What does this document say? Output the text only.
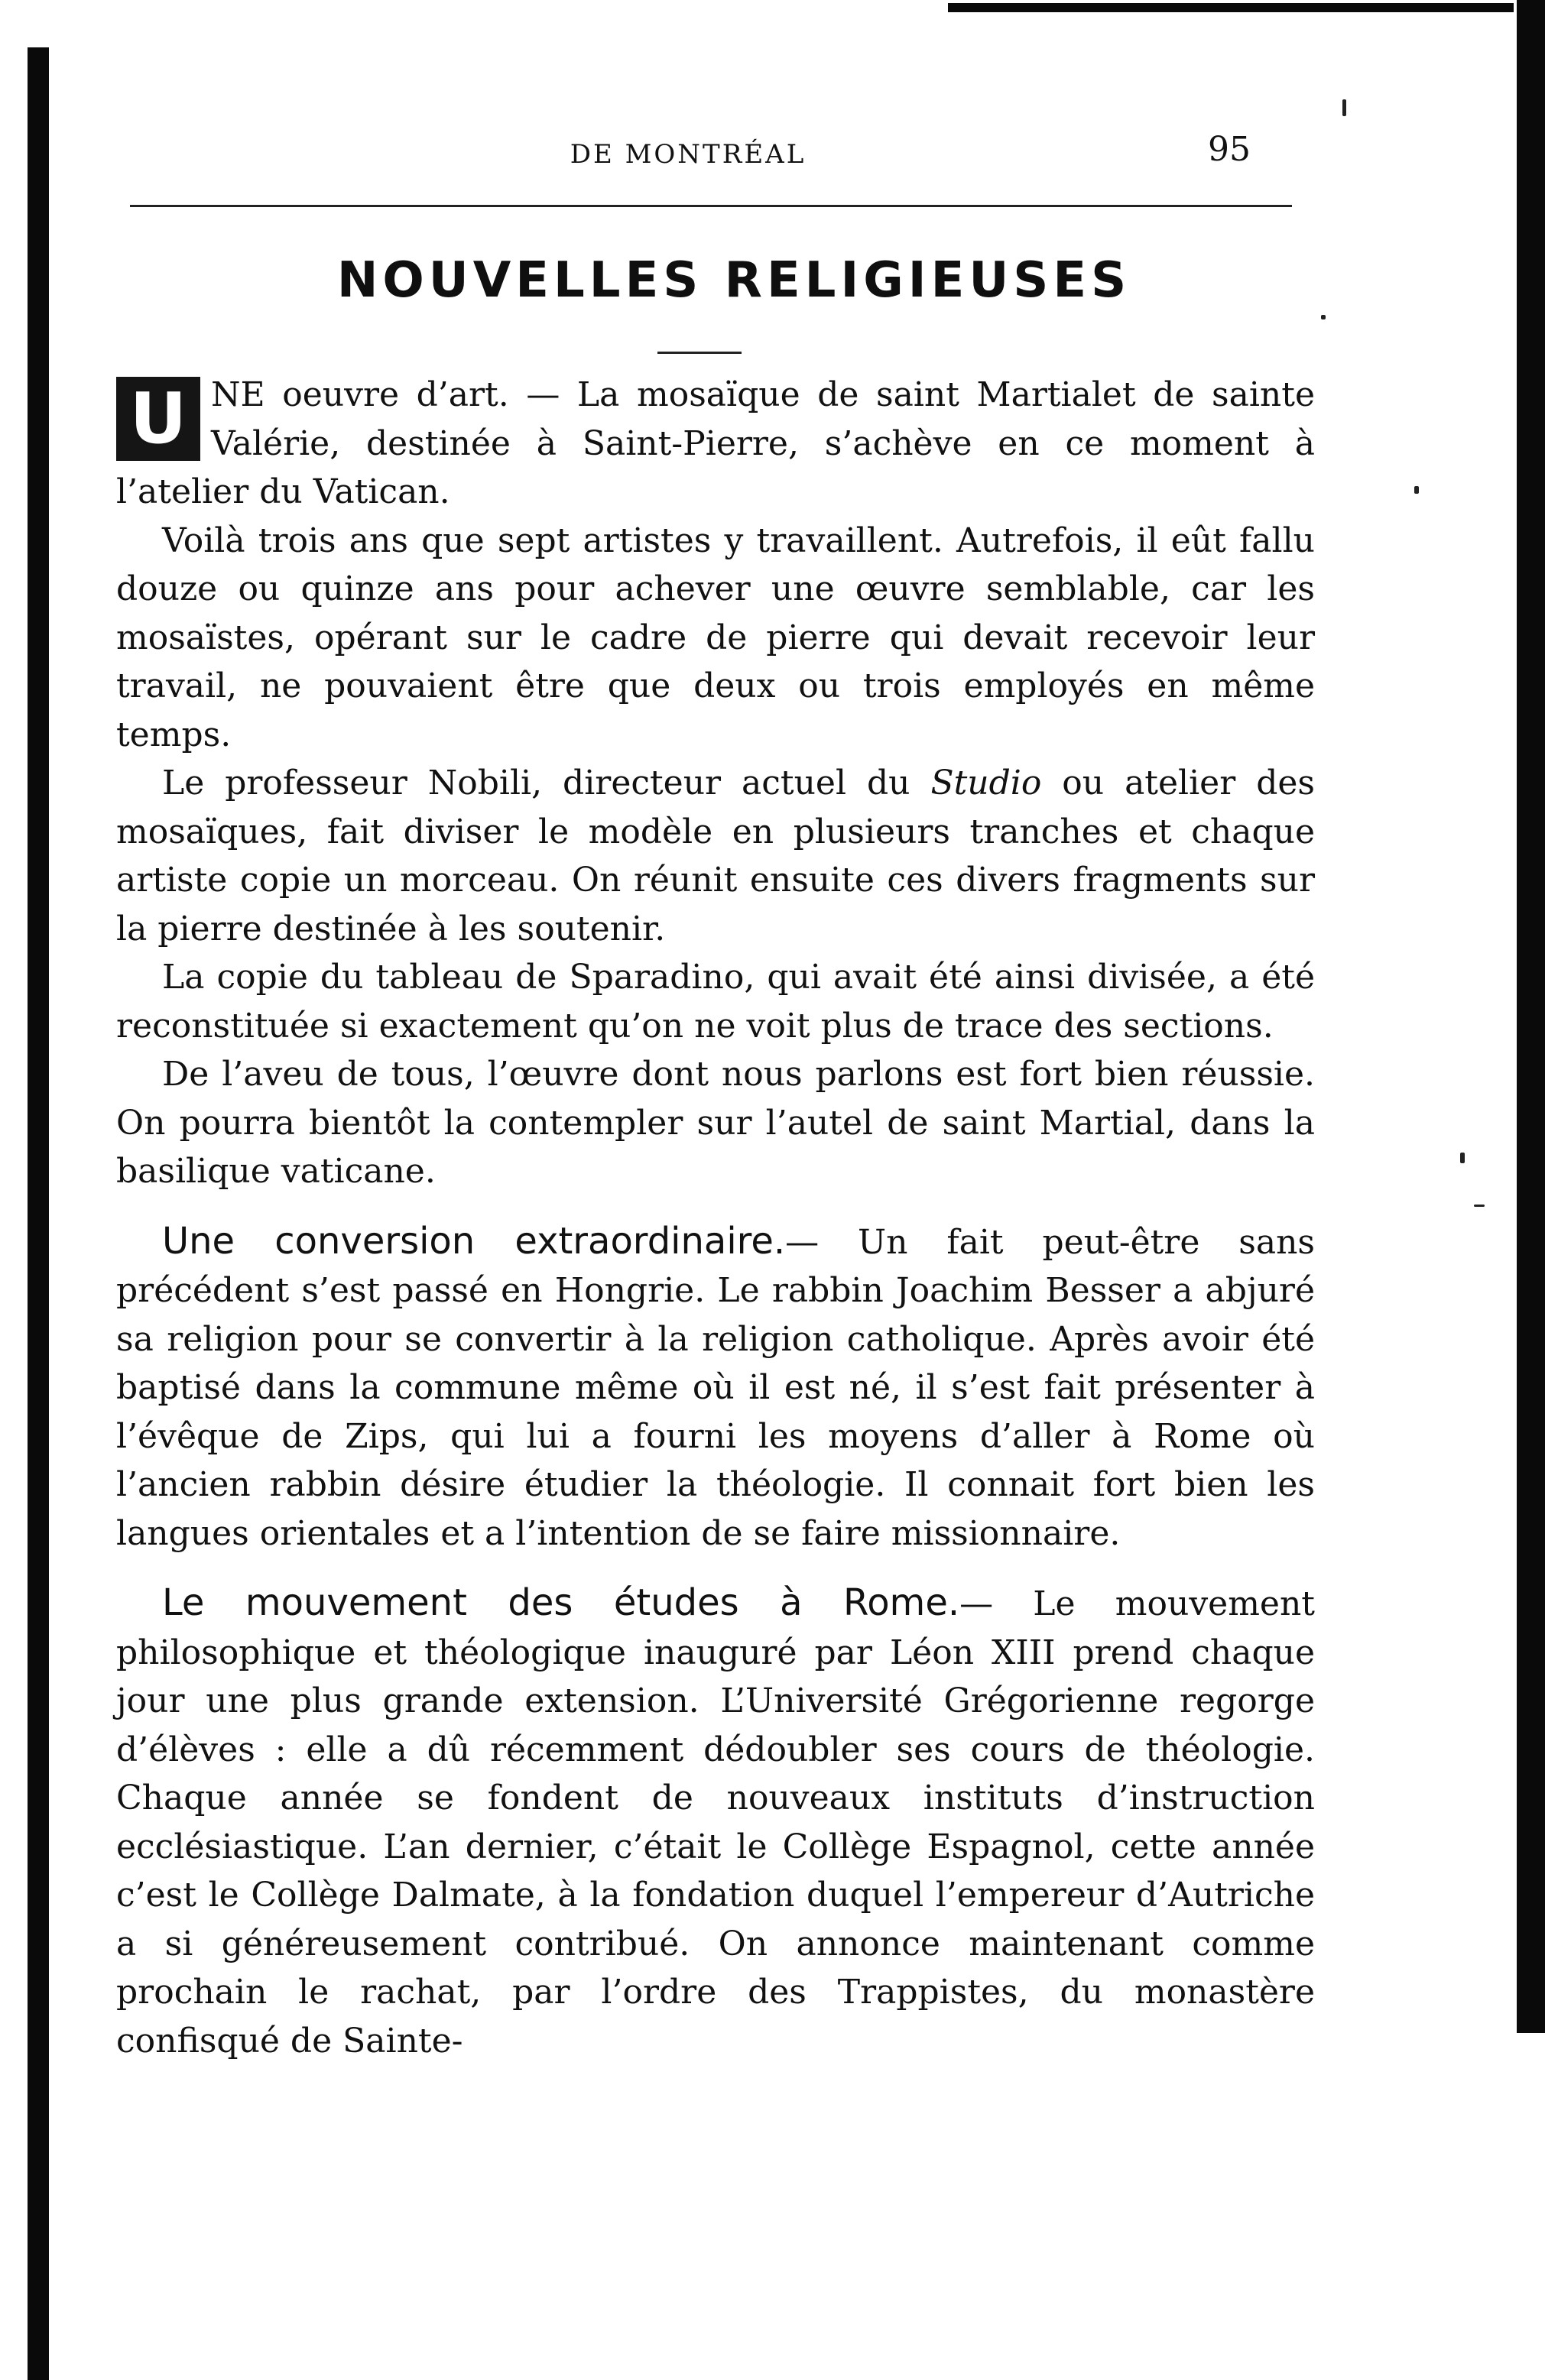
DE MONTRÉAL	95
NOUVELLES RELIGIEUSES

U NE oeuvre d’art. — La mosaïque de saint Martialet de sainte Valérie, destinée à Saint-Pierre, s’achève en ce moment à l’atelier du Vatican.

Voilà trois ans que sept artistes y travaillent. Autrefois, il eût fallu douze ou quinze ans pour achever une œuvre semblable, car les mosaïstes, opérant sur le cadre de pierre qui devait recevoir leur travail, ne pouvaient être que deux ou trois employés en même temps.

Le professeur Nobili, directeur actuel du Studio ou atelier des mosaïques, fait diviser le modèle en plusieurs tranches et chaque artiste copie un morceau. On réunit ensuite ces divers fragments sur la pierre destinée à les soutenir.

La copie du tableau de Sparadino, qui avait été ainsi divisée, a été reconstituée si exactement qu’on ne voit plus de trace des sections.

De l’aveu de tous, l’œuvre dont nous parlons est fort bien réussie. On pourra bientôt la contempler sur l’autel de saint Martial, dans la basilique vaticane.

Une conversion extraordinaire.— Un fait peut-être sans précédent s’est passé en Hongrie. Le rabbin Joachim Besser a abjuré sa religion pour se convertir à la religion catholique. Après avoir été baptisé dans la commune même où il est né, il s’est fait présenter à l’évêque de Zips, qui lui a fourni les moyens d’aller à Rome où l’ancien rabbin désire étudier la théologie. Il connait fort bien les langues orientales et a l’intention de se faire missionnaire.

Le mouvement des études à Rome.— Le mouvement philosophique et théologique inauguré par Léon XIII prend chaque jour une plus grande extension. L’Université Grégorienne regorge d’élèves : elle a dû récemment dédoubler ses cours de théologie. Chaque année se fondent de nouveaux instituts d’instruction ecclésiastique. L’an dernier, c’était le Collège Espagnol, cette année c’est le Collège Dalmate, à la fondation duquel l’empereur d’Autriche a si généreusement contribué. On annonce maintenant comme prochain le rachat, par l’ordre des Trappistes, du monastère confisqué de Sainte-
